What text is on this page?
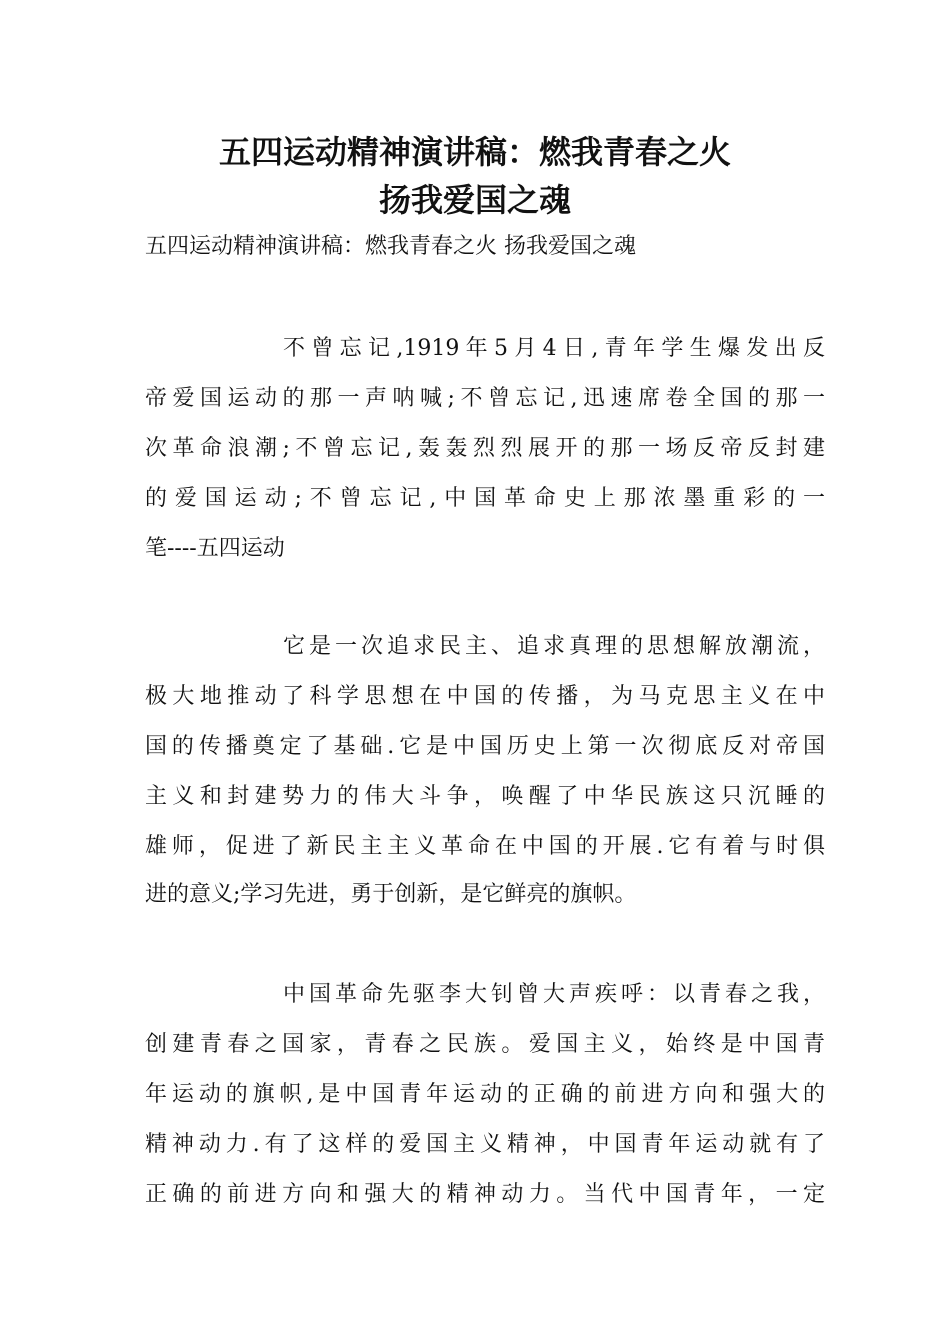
五四运动精神演讲稿：燃我青春之火
扬我爱国之魂
五四运动精神演讲稿：燃我青春之火 扬我爱国之魂
不曾忘记,1919年5月4日,青年学生爆发出反
帝爱国运动的那一声呐喊;不曾忘记,迅速席卷全国的那一
次革命浪潮;不曾忘记,轰轰烈烈展开的那一场反帝反封建
的爱国运动;不曾忘记,中国革命史上那浓墨重彩的一
笔----五四运动
它是一次追求民主、追求真理的思想解放潮流，
极大地推动了科学思想在中国的传播，为马克思主义在中
国的传播奠定了基础.它是中国历史上第一次彻底反对帝国
主义和封建势力的伟大斗争，唤醒了中华民族这只沉睡的
雄师，促进了新民主主义革命在中国的开展.它有着与时俱
进的意义;学习先进，勇于创新，是它鲜亮的旗帜。
中国革命先驱李大钊曾大声疾呼：以青春之我，
创建青春之国家，青春之民族。爱国主义，始终是中国青
年运动的旗帜,是中国青年运动的正确的前进方向和强大的
精神动力.有了这样的爱国主义精神，中国青年运动就有了
正确的前进方向和强大的精神动力。当代中国青年，一定
